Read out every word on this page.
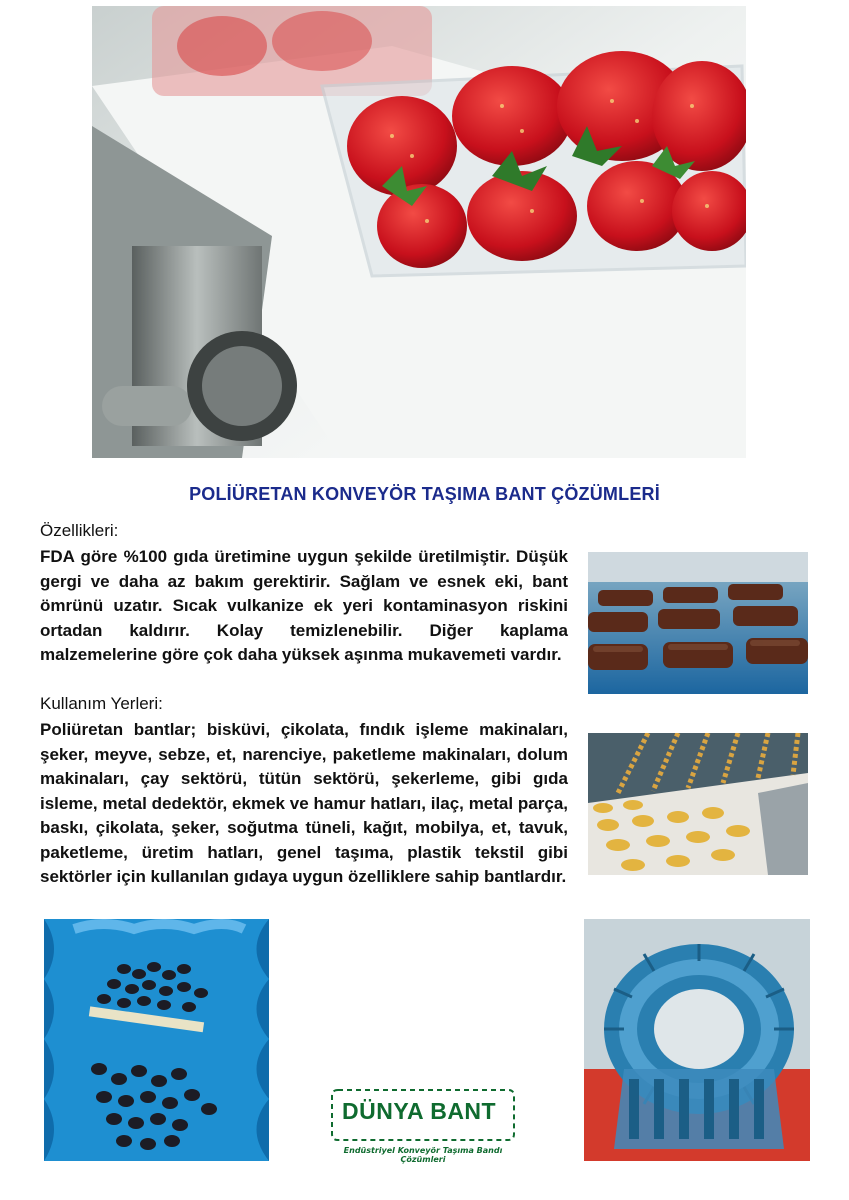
POLİÜRETAN KONVEYÖR TAŞIMA BANT ÇÖZÜMLERİ
Özellikleri:
FDA göre %100 gıda üretimine uygun şekilde üretilmiştir. Düşük gergi ve daha az bakım gerektirir. Sağlam ve esnek eki, bant ömrünü uzatır. Sıcak vulkanize ek yeri kontaminasyon riskini ortadan kaldırır. Kolay temizlenebilir. Diğer kaplama malzemelerine göre çok daha yüksek aşınma mukavemeti vardır.
Kullanım Yerleri:
Poliüretan bantlar; bisküvi, çikolata, fındık işleme makinaları, şeker, meyve, sebze, et, narenciye, paketleme makinaları, dolum makinaları, çay sektörü, tütün sektörü, şekerleme, gibi gıda isleme, metal dedektör, ekmek ve hamur hatları, ilaç, metal parça, baskı, çikolata, şeker, soğutma tüneli, kağıt, mobilya, et, tavuk, paketleme, üretim hatları, genel taşıma, plastik tekstil gibi sektörler için kullanılan gıdaya uygun özelliklere sahip bantlardır.
DÜNYA BANT
Endüstriyel Konveyör Taşıma Bandı Çözümleri
